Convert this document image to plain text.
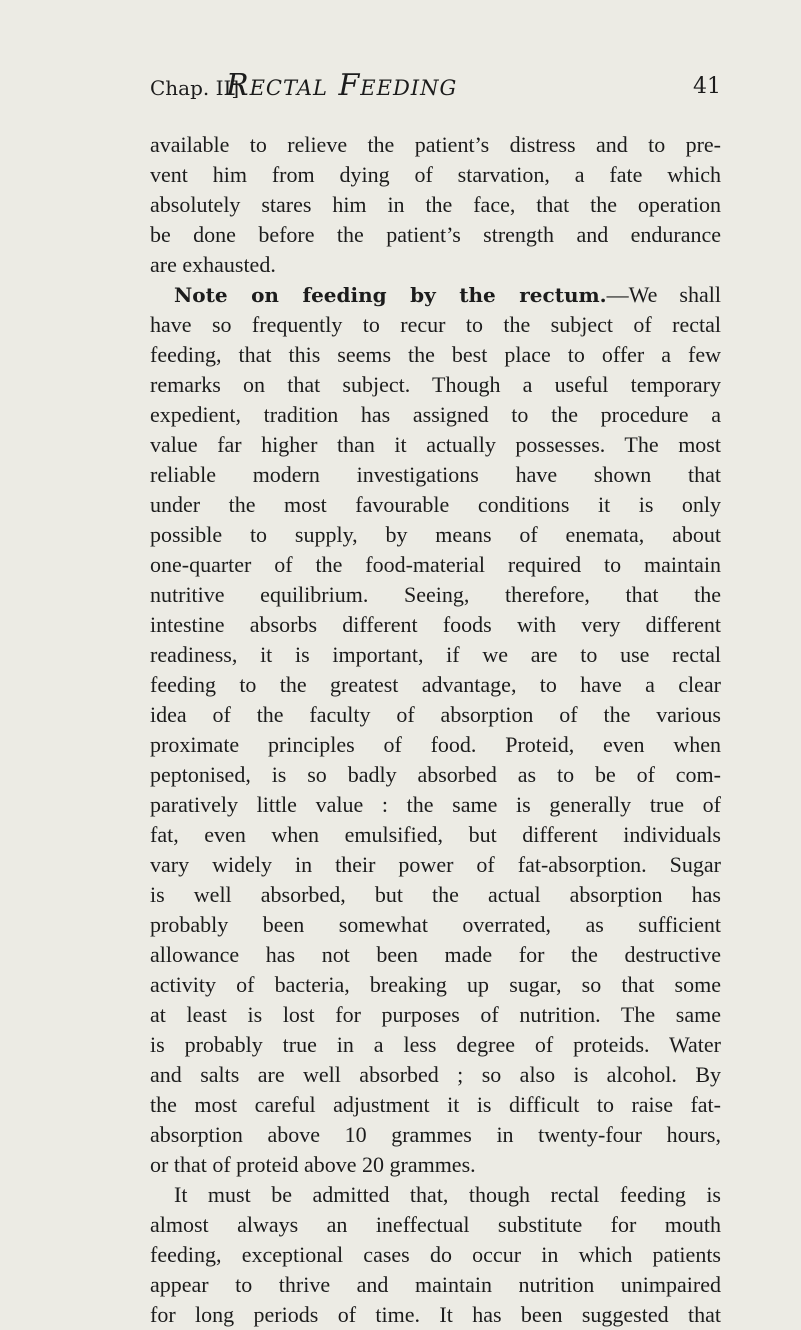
Chap. II]
Rectal Feeding	41
available to relieve the patient’s distress and to pre-
vent him from dying of starvation, a fate which
absolutely stares him in the face, that the operation
be done before the patient’s strength and endurance
are exhausted.
Note on feeding by the rectum.—We shall
have so frequently to recur to the subject of rectal
feeding, that this seems the best place to offer a few
remarks on that subject. Though a useful temporary
expedient, tradition has assigned to the procedure a
value far higher than it actually possesses. The most
reliable modern investigations have shown that
under the most favourable conditions it is only
possible to supply, by means of enemata, about
one-quarter of the food-material required to maintain
nutritive equilibrium. Seeing, therefore, that the
intestine absorbs different foods with very different
readiness, it is important, if we are to use rectal
feeding to the greatest advantage, to have a clear
idea of the faculty of absorption of the various
proximate principles of food. Proteid, even when
peptonised, is so badly absorbed as to be of com-
paratively little value : the same is generally true of
fat, even when emulsified, but different individuals
vary widely in their power of fat-absorption. Sugar
is well absorbed, but the actual absorption has
probably been somewhat overrated, as sufficient
allowance has not been made for the destructive
activity of bacteria, breaking up sugar, so that some
at least is lost for purposes of nutrition. The same
is probably true in a less degree of proteids. Water
and salts are well absorbed ; so also is alcohol. By
the most careful adjustment it is difficult to raise fat-
absorption above 10 grammes in twenty-four hours,
or that of proteid above 20 grammes.
It must be admitted that, though rectal feeding is
almost always an ineffectual substitute for mouth
feeding, exceptional cases do occur in which patients
appear to thrive and maintain nutrition unimpaired
for long periods of time. It has been suggested that
